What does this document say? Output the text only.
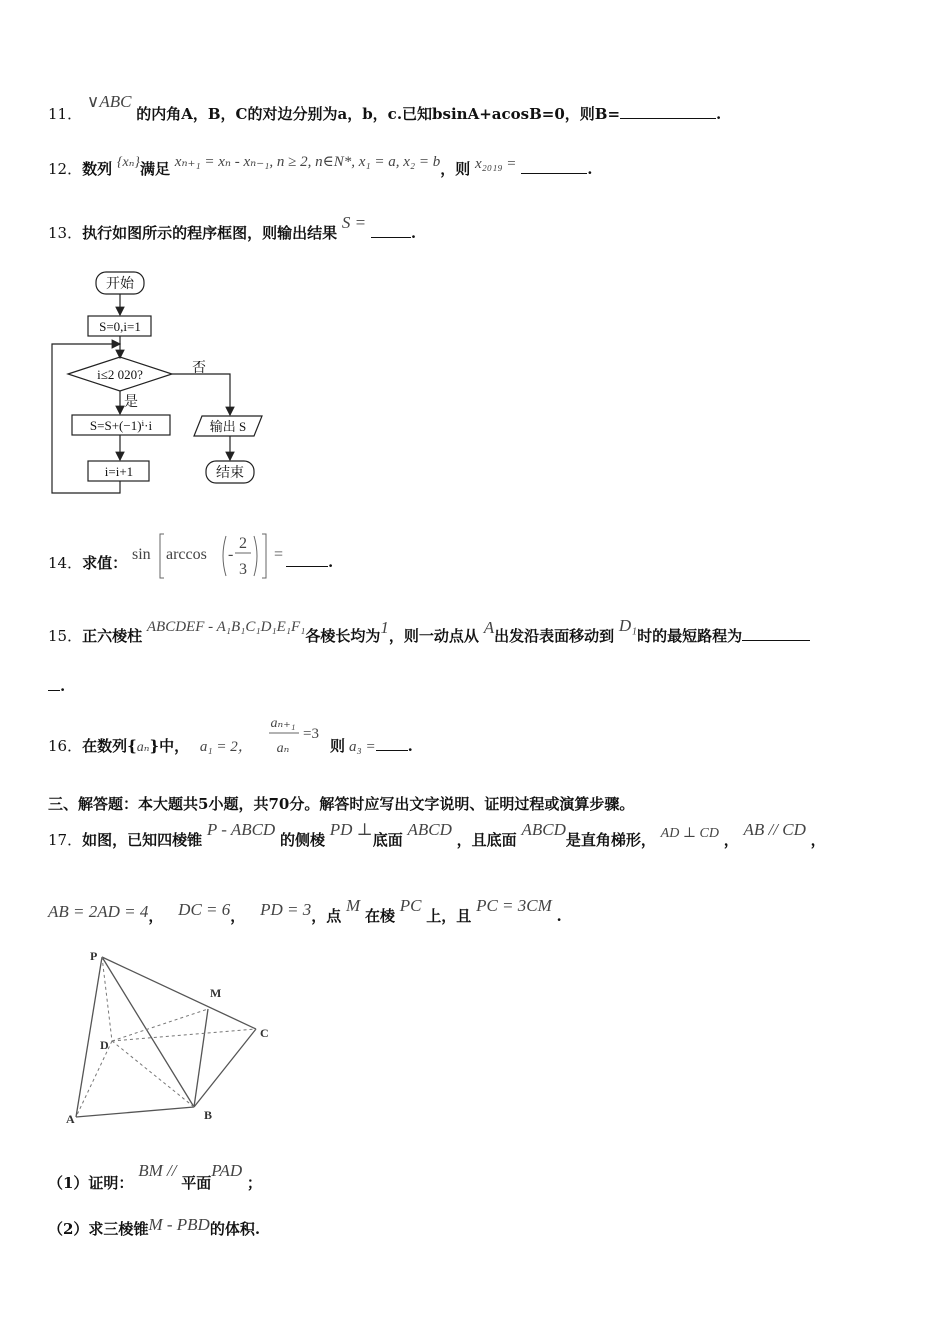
11． ∨ABC 的内角A，B，C的对边分别为a，b，c.已知bsinA+acosB=0，则B=	.
12．数列 {xₙ}满足 xₙ₊₁ = xₙ - xₙ₋₁, n ≥ 2, n∈N*, x₁ = a, x₂ = b，则 x₂₀₁₉ =	.
13．执行如图所示的程序框图，则输出结果 S = .
开始
S=0,i=1
i≤2 020?	否
是
S=S+(−1)ⁱ·i	输出 S
i=i+1	结束
14．求值： sin arccos -
2
3
=	.
15．正六棱柱 ABCDEF - A₁B₁C₁D₁E₁F₁各棱长均为1，则一动点从 A出发沿表面移动到 D₁时的最短路程为
.
16．在数列{aₙ}中， a₁ = 2，
aₙ₊₁
aₙ
=3
则 a₃ = .
三、解答题：本大题共5小题，共70分。解答时应写出文字说明、证明过程或演算步骤。
17．如图，已知四棱锥 P - ABCD 的侧棱 PD ⊥底面 ABCD ，且底面 ABCD是直角梯形， AD ⊥ CD ， AB // CD ，
AB = 2AD = 4， DC = 6， PD = 3，点 M 在棱 PC 上，且 PC = 3CM .
P
M
C
D
A	B
（1）证明： BM // 平面PAD ；
（2）求三棱锥M - PBD的体积.
